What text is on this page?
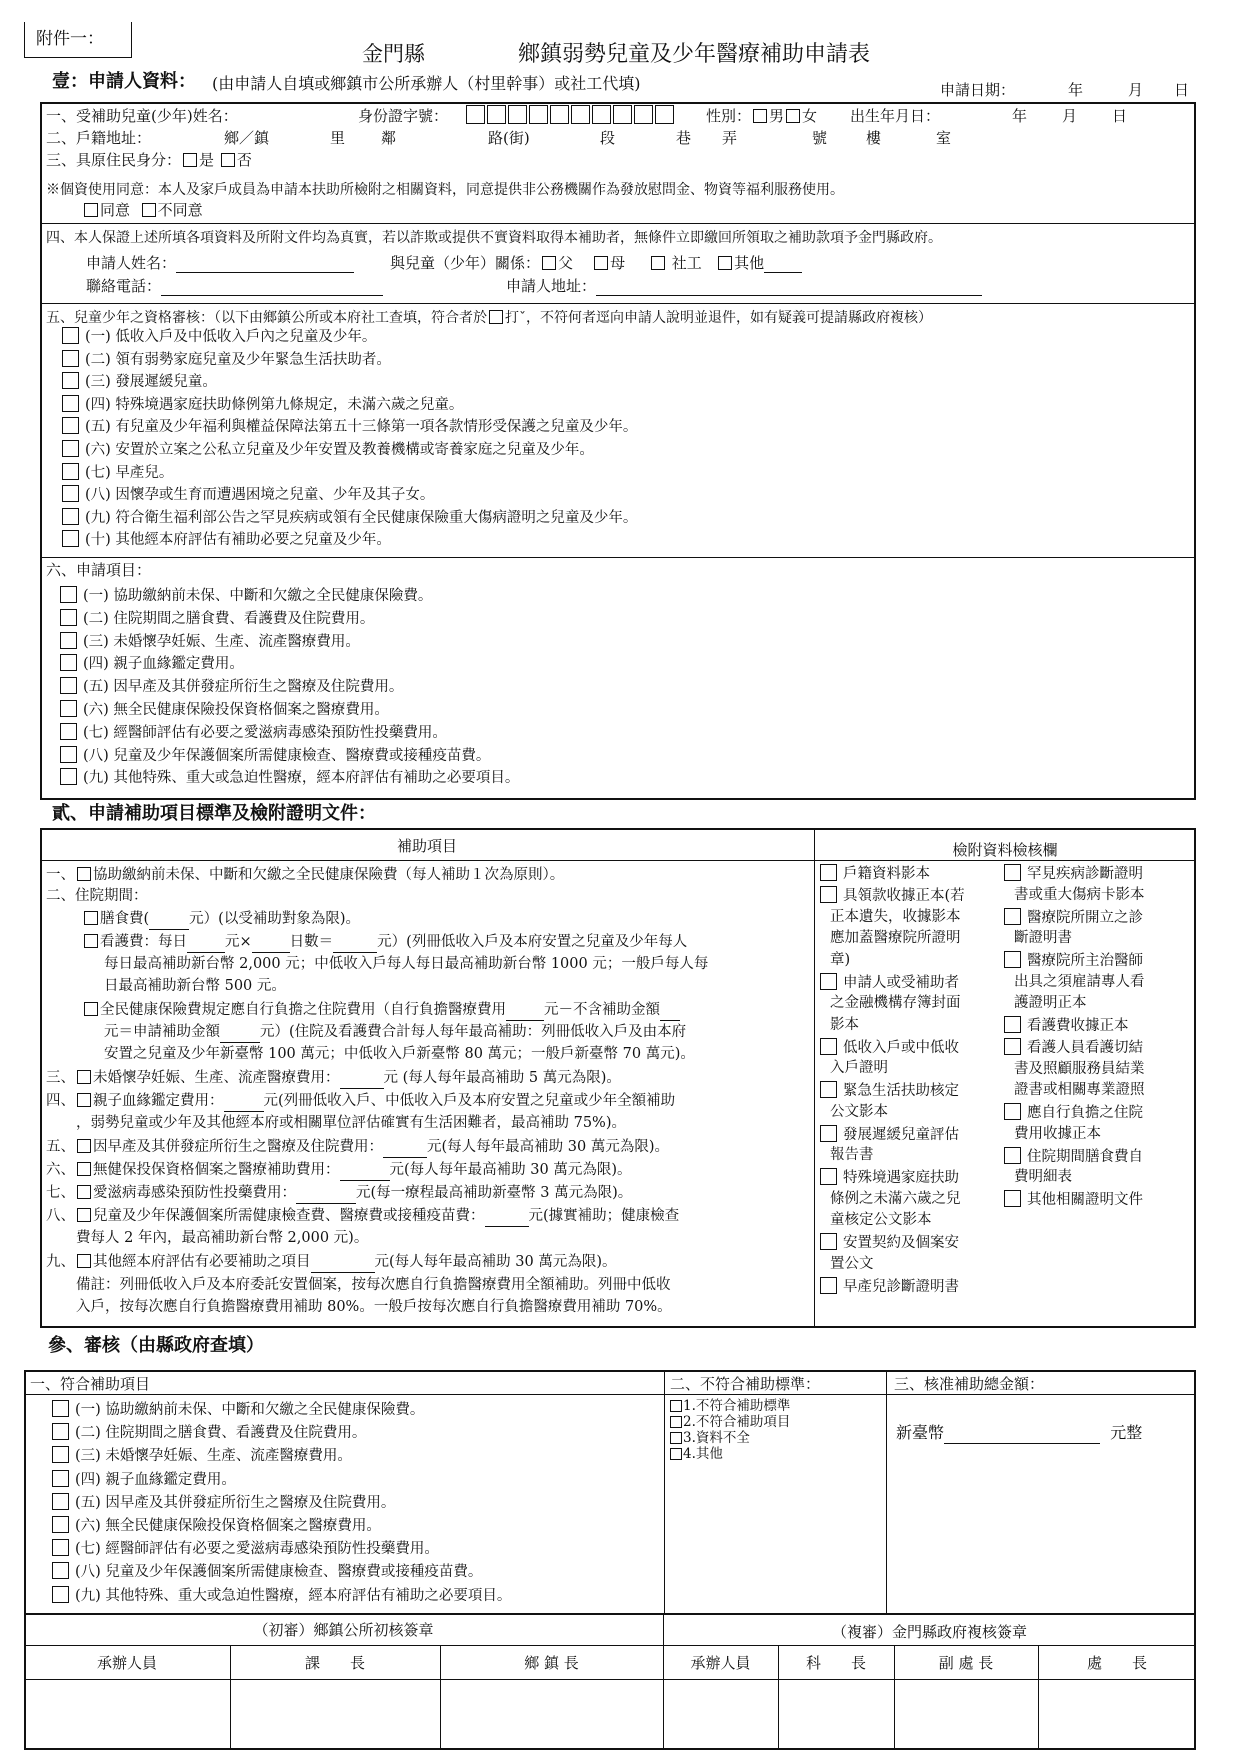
附件一：
金門縣	鄉鎮弱勢兒童及少年醫療補助申請表
壹：申請人資料： (由申請人自填或鄉鎮市公所承辦人（村里幹事）或社工代填)	申請日期：	年	月 日
一、受補助兒童(少年)姓名：	身份證字號：	性別： 男 女 出生年月日：	年 月 日
二、戶籍地址：	鄉／鎮	里 鄰	路(街)	段	巷 弄	號	樓	室
三、具原住民身分： 是 否
※個資使用同意：本人及家戶成員為申請本扶助所檢附之相關資料，同意提供非公務機關作為發放慰問金、物資等福利服務使用。
同意 不同意
四、本人保證上述所填各項資料及所附文件均為真實，若以詐欺或提供不實資料取得本補助者，無條件立即繳回所領取之補助款項予金門縣政府。
申請人姓名：	與兒童（少年）關係： 父 母	社工 其他
聯絡電話：	申請人地址：
五、兒童少年之資格審核：（以下由鄉鎮公所或本府社工查填，符合者於 打ˇ，不符何者逕向申請人說明並退件，如有疑義可提請縣政府複核）
(一) 低收入戶及中低收入戶內之兒童及少年。
(二) 領有弱勢家庭兒童及少年緊急生活扶助者。
(三) 發展遲緩兒童。
(四) 特殊境遇家庭扶助條例第九條規定，未滿六歲之兒童。
(五) 有兒童及少年福利與權益保障法第五十三條第一項各款情形受保護之兒童及少年。
(六) 安置於立案之公私立兒童及少年安置及教養機構或寄養家庭之兒童及少年。
(七) 早產兒。
(八) 因懷孕或生育而遭遇困境之兒童、少年及其子女。
(九) 符合衛生福利部公告之罕見疾病或領有全民健康保險重大傷病證明之兒童及少年。
(十) 其他經本府評估有補助必要之兒童及少年。
六、申請項目：
(一) 協助繳納前未保、中斷和欠繳之全民健康保險費。
(二) 住院期間之膳食費、看護費及住院費用。
(三) 未婚懷孕妊娠、生產、流產醫療費用。
(四) 親子血緣鑑定費用。
(五) 因早產及其併發症所衍生之醫療及住院費用。
(六) 無全民健康保險投保資格個案之醫療費用。
(七) 經醫師評估有必要之愛滋病毒感染預防性投藥費用。
(八) 兒童及少年保護個案所需健康檢查、醫療費或接種疫苗費。
(九) 其他特殊、重大或急迫性醫療，經本府評估有補助之必要項目。
貳、申請補助項目標準及檢附證明文件：
補助項目	檢附資料檢核欄
一、 協助繳納前未保、中斷和欠繳之全民健康保險費（每人補助１次為原則）。
二、住院期間：
膳食費(	元）(以受補助對象為限)。
看護費：每日	元×	日數＝	元）(列冊低收入戶及本府安置之兒童及少年每人
每日最高補助新台幣 2,000 元；中低收入戶每人每日最高補助新台幣 1000 元；一般戶每人每
日最高補助新台幣 500 元。
全民健康保險費規定應自行負擔之住院費用（自行負擔醫療費用	元－不含補助金額
元＝申請補助金額	元）(住院及看護費合計每人每年最高補助：列冊低收入戶及由本府
安置之兒童及少年新臺幣 100 萬元；中低收入戶新臺幣 80 萬元；一般戶新臺幣 70 萬元)。
三、 未婚懷孕妊娠、生產、流產醫療費用：	元 (每人每年最高補助 5 萬元為限)。
四、 親子血緣鑑定費用：	元(列冊低收入戶、中低收入戶及本府安置之兒童或少年全額補助
，弱勢兒童或少年及其他經本府或相關單位評估確實有生活困難者，最高補助 75%)。
五、 因早產及其併發症所衍生之醫療及住院費用：	元(每人每年最高補助 30 萬元為限)。
六、 無健保投保資格個案之醫療補助費用：	元(每人每年最高補助 30 萬元為限)。
七、 愛滋病毒感染預防性投藥費用：	元(每一療程最高補助新臺幣 3 萬元為限)。
八、 兒童及少年保護個案所需健康檢查費、醫療費或接種疫苗費：	元(據實補助；健康檢查
費每人 2 年內，最高補助新台幣 2,000 元)。
九、 其他經本府評估有必要補助之項目	元(每人每年最高補助 30 萬元為限)。
備註：列冊低收入戶及本府委託安置個案，按每次應自行負擔醫療費用全額補助。列冊中低收
入戶，按每次應自行負擔醫療費用補助 80%。一般戶按每次應自行負擔醫療費用補助 70%。
戶籍資料影本
具領款收據正本(若
正本遺失，收據影本
應加蓋醫療院所證明
章)
申請人或受補助者
之金融機構存簿封面
影本
低收入戶或中低收
入戶證明
緊急生活扶助核定
公文影本
發展遲緩兒童評估
報告書
特殊境遇家庭扶助
條例之未滿六歲之兒
童核定公文影本
安置契約及個案安
置公文
早產兒診斷證明書
罕見疾病診斷證明
書或重大傷病卡影本
醫療院所開立之診
斷證明書
醫療院所主治醫師
出具之須雇請專人看
護證明正本
看護費收據正本
看護人員看護切結
書及照顧服務員結業
證書或相關專業證照
應自行負擔之住院
費用收據正本
住院期間膳食費自
費明細表
其他相關證明文件
參、審核（由縣政府查填）
一、符合補助項目	二、不符合補助標準：	三、核准補助總金額：
(一) 協助繳納前未保、中斷和欠繳之全民健康保險費。
(二) 住院期間之膳食費、看護費及住院費用。
(三) 未婚懷孕妊娠、生產、流產醫療費用。
(四) 親子血緣鑑定費用。
(五) 因早產及其併發症所衍生之醫療及住院費用。
(六) 無全民健康保險投保資格個案之醫療費用。
(七) 經醫師評估有必要之愛滋病毒感染預防性投藥費用。
(八) 兒童及少年保護個案所需健康檢查、醫療費或接種疫苗費。
(九) 其他特殊、重大或急迫性醫療，經本府評估有補助之必要項目。
1.不符合補助標準
2.不符合補助項目
3.資料不全
4.其他
新臺幣	元整
（初審）鄉鎮公所初核簽章	（複審）金門縣政府複核簽章
承辦人員	課　　長	鄉 鎮 長	承辦人員	科　　長	副 處 長	處　　長
